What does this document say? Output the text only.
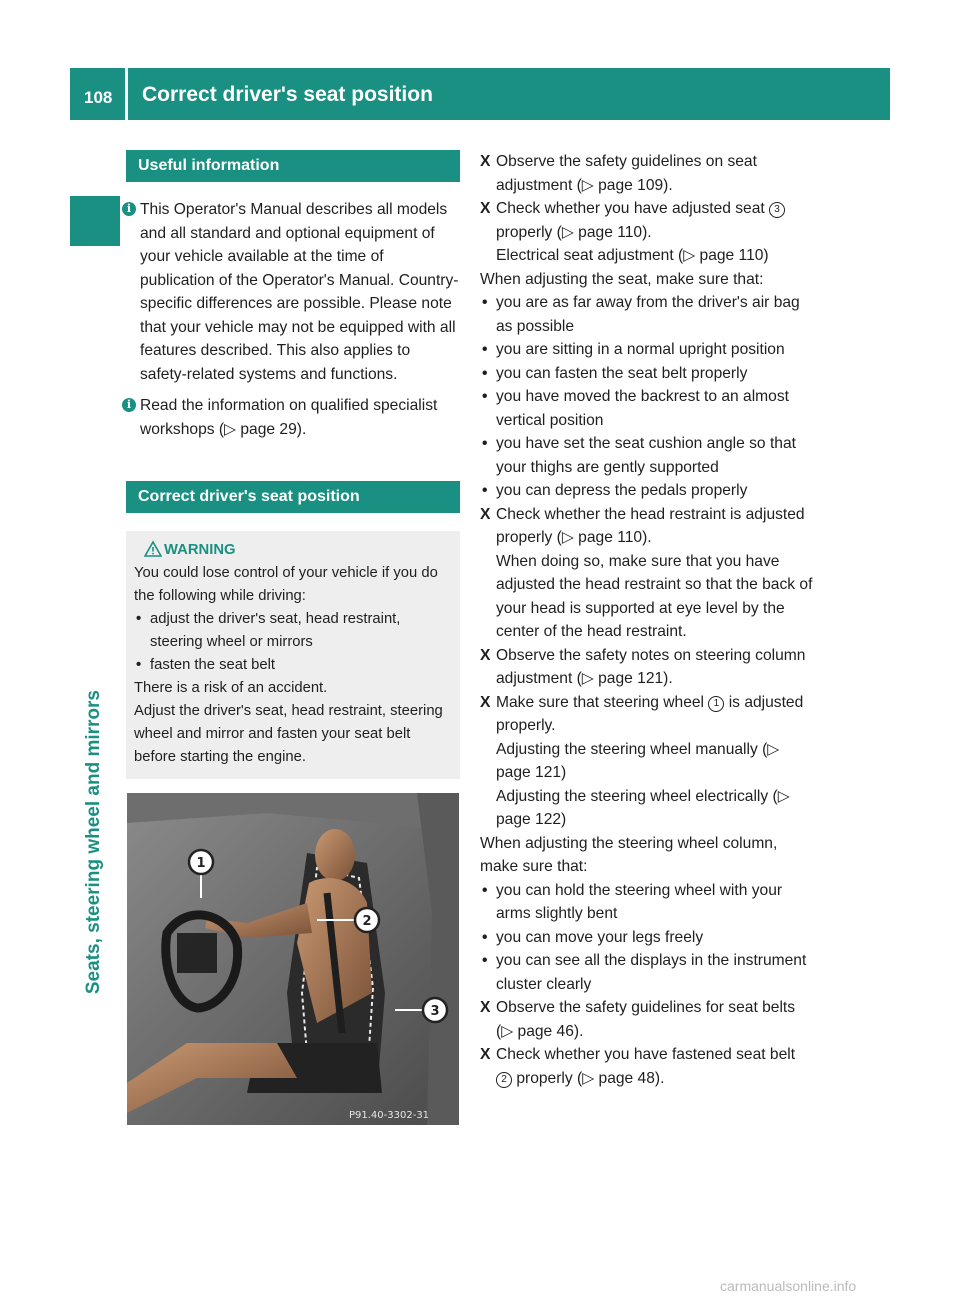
108 Correct driver's seat position
Seats, steering wheel and mirrors
Useful information
i This Operator's Manual describes all models and all standard and optional equipment of your vehicle available at the time of publication of the Operator's Manual. Country-specific differences are possible. Please note that your vehicle may not be equipped with all features described. This also applies to safety-related systems and functions.
i Read the information on qualified specialist workshops (▷ page 29).
Correct driver's seat position
WARNING
You could lose control of your vehicle if you do the following while driving:
• adjust the driver's seat, head restraint, steering wheel or mirrors
• fasten the seat belt
There is a risk of an accident.
Adjust the driver's seat, head restraint, steering wheel and mirror and fasten your seat belt before starting the engine.
1
2
3
P91.40-3302-31
X Observe the safety guidelines on seat adjustment (▷ page 109).
X Check whether you have adjusted seat 3
properly (▷ page 110).
Electrical seat adjustment (▷ page 110)
When adjusting the seat, make sure that:
• you are as far away from the driver's air bag as possible
• you are sitting in a normal upright position
• you can fasten the seat belt properly
• you have moved the backrest to an almost vertical position
• you have set the seat cushion angle so that your thighs are gently supported
• you can depress the pedals properly
X Check whether the head restraint is adjusted properly (▷ page 110).
When doing so, make sure that you have adjusted the head restraint so that the back of your head is supported at eye level by the center of the head restraint.
X Observe the safety notes on steering column adjustment (▷ page 121).
X Make sure that steering wheel 1 is adjusted properly.
Adjusting the steering wheel manually (▷ page 121)
Adjusting the steering wheel electrically (▷ page 122)
When adjusting the steering wheel column, make sure that:
• you can hold the steering wheel with your arms slightly bent
• you can move your legs freely
• you can see all the displays in the instrument cluster clearly
X Observe the safety guidelines for seat belts (▷ page 46).
X Check whether you have fastened seat belt
2 properly (▷ page 48).
carmanualsonline.info
